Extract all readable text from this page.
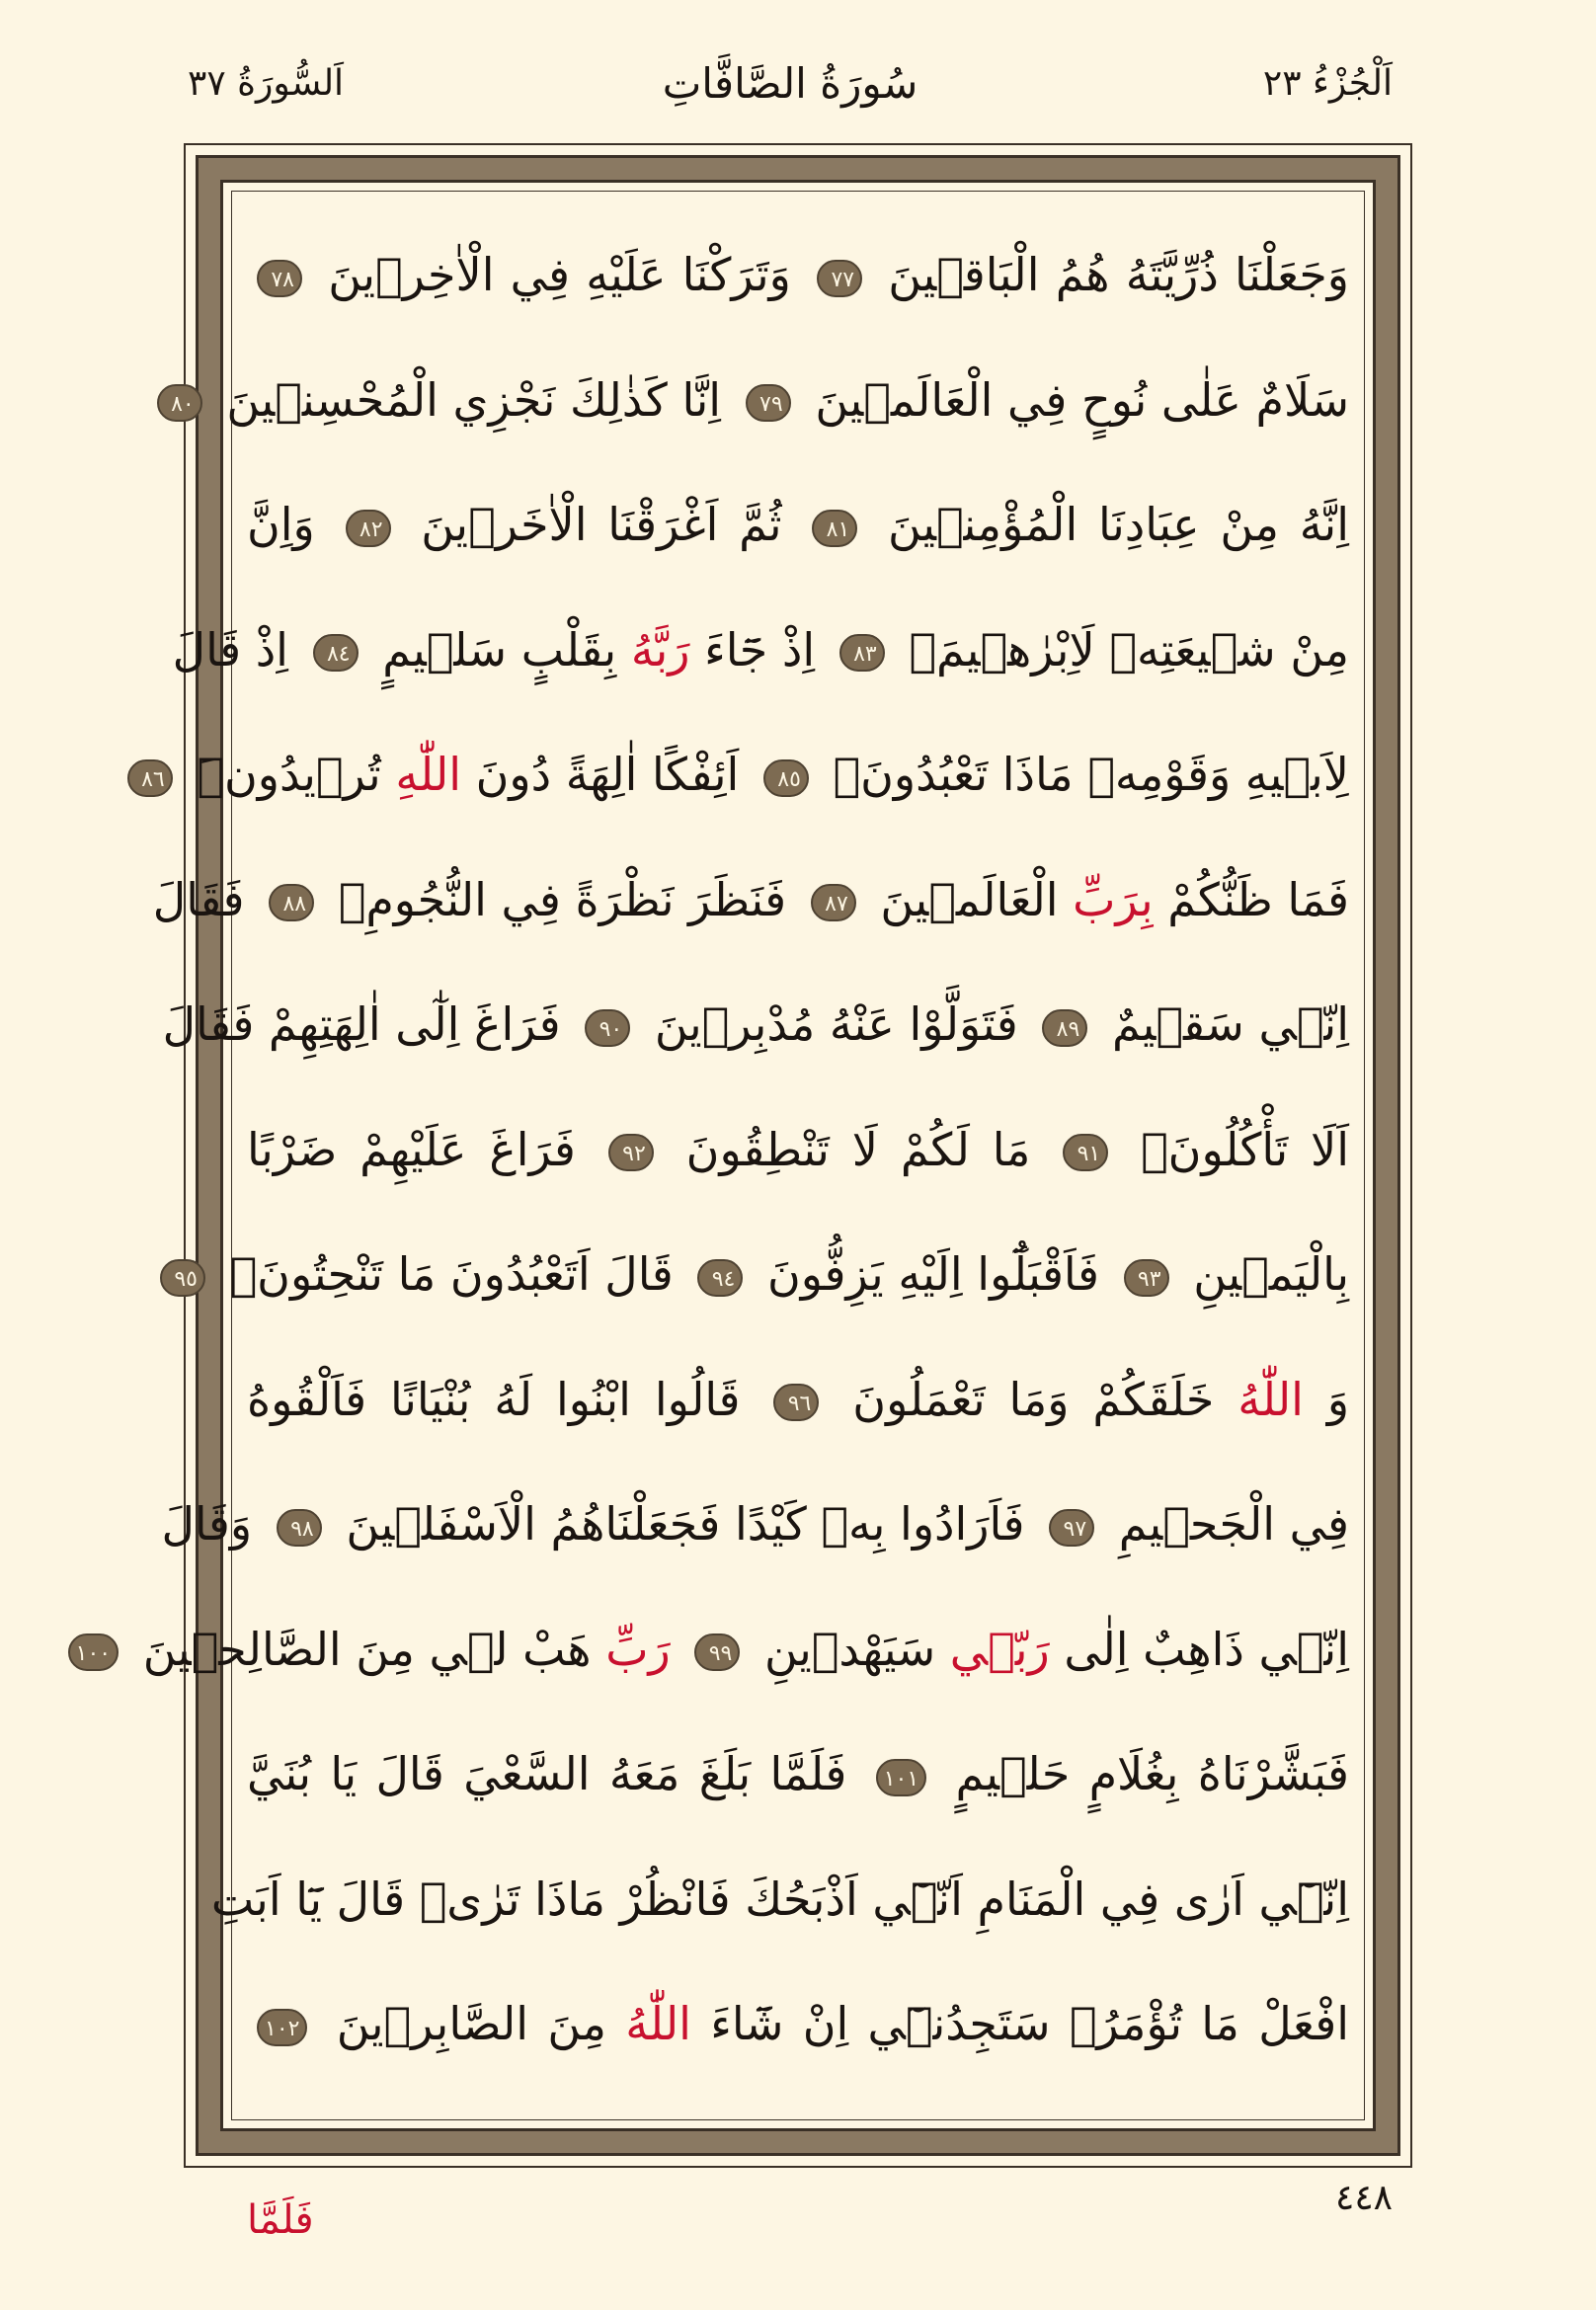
اَلْجُزْءُ ٢٣
سُورَةُ الصَّافَّاتِ
اَلسُّورَةُ ٣٧
وَجَعَلْنَا ذُرِّيَّتَهُ هُمُ الْبَاق۪ينَ ٧٧ وَتَرَكْنَا عَلَيْهِ فِي الْاٰخِر۪ينَ ٧٨
سَلَامٌ عَلٰى نُوحٍ فِي الْعَالَم۪ينَ ٧٩ اِنَّا كَذٰلِكَ نَجْزِي الْمُحْسِن۪ينَ ٨٠
اِنَّهُ مِنْ عِبَادِنَا الْمُؤْمِن۪ينَ ٨١ ثُمَّ اَغْرَقْنَا الْاٰخَر۪ينَ ٨٢ وَاِنَّ
مِنْ ش۪يعَتِه۪ لَاِبْرٰه۪يمَۢ ٨٣ اِذْ جَٓاءَ رَبَّهُ بِقَلْبٍ سَل۪يمٍ ٨٤ اِذْ قَالَ
لِاَب۪يهِ وَقَوْمِه۪ مَاذَا تَعْبُدُونَۚ ٨٥ اَئِفْكًا اٰلِهَةً دُونَ اللّٰهِ تُر۪يدُونَۜ ٨٦
فَمَا ظَنُّكُمْ بِرَبِّ الْعَالَم۪ينَ ٨٧ فَنَظَرَ نَظْرَةً فِي النُّجُومِۙ ٨٨ فَقَالَ
اِنّ۪ي سَق۪يمٌ ٨٩ فَتَوَلَّوْا عَنْهُ مُدْبِر۪ينَ ٩٠ فَرَاغَ اِلٰٓى اٰلِهَتِهِمْ فَقَالَ
اَلَا تَأْكُلُونَۚ ٩١ مَا لَكُمْ لَا تَنْطِقُونَ ٩٢ فَرَاغَ عَلَيْهِمْ ضَرْبًا
بِالْيَم۪ينِ ٩٣ فَاَقْبَلُٓوا اِلَيْهِ يَزِفُّونَ ٩٤ قَالَ اَتَعْبُدُونَ مَا تَنْحِتُونَۙ ٩٥
وَ اللّٰهُ خَلَقَكُمْ وَمَا تَعْمَلُونَ ٩٦ قَالُوا ابْنُوا لَهُ بُنْيَانًا فَاَلْقُوهُ
فِي الْجَح۪يمِ ٩٧ فَاَرَادُوا بِه۪ كَيْدًا فَجَعَلْنَاهُمُ الْاَسْفَل۪ينَ ٩٨ وَقَالَ
اِنّ۪ي ذَاهِبٌ اِلٰى رَبّ۪ي سَيَهْد۪ينِ ٩٩ رَبِّ هَبْ ل۪ي مِنَ الصَّالِح۪ينَ ١٠٠
فَبَشَّرْنَاهُ بِغُلَامٍ حَل۪يمٍ ١٠١ فَلَمَّا بَلَغَ مَعَهُ السَّعْيَ قَالَ يَا بُنَيَّ
اِنّ۪ٓي اَرٰى فِي الْمَنَامِ اَنّ۪ٓي اَذْبَحُكَ فَانْظُرْ مَاذَا تَرٰىۜ قَالَ يَٓا اَبَتِ
افْعَلْ مَا تُؤْمَرُۘ سَتَجِدُن۪ٓي اِنْ شَٓاءَ اللّٰهُ مِنَ الصَّابِر۪ينَ ١٠٢
٤٤٨
فَلَمَّا
